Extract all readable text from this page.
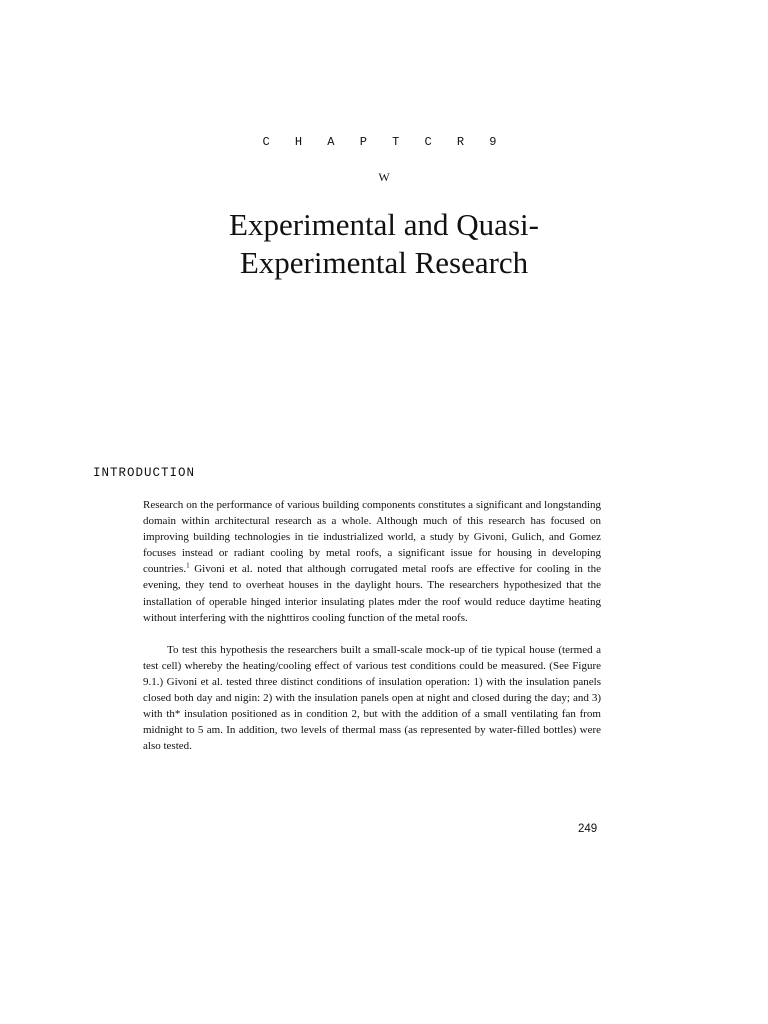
C H A P T C R 9
W
Experimental and Quasi-
Experimental Research
INTRODUCTION

Research on the performance of various building components constitutes a significant and longstanding domain within architectural research as a whole. Although much of this research has focused on improving building technologies in tie industrialized world, a study by Givoni, Gulich, and Gomez focuses instead or radiant cooling by metal roofs, a significant issue for housing in developing countries.$^1$ Givoni et al. noted that although corrugated metal roofs are effective for cooling in the evening, they tend to overheat houses in the daylight hours. The researchers hypothesized that the installation of operable hinged interior insulating plates mder the roof would reduce daytime heating without interfering with the nighttiros cooling function of the metal roofs.

To test this hypothesis the researchers built a small-scale mock-up of tie typical house (termed a test cell) whereby the heating/cooling effect of various test conditions could be measured. (See Figure 9.1.) Givoni et al. tested three distinct conditions of insulation operation: 1) with the insulation panels closed both day and nigin: 2) with the insulation panels open at night and closed during the day; and 3) with th* insulation positioned as in condition 2, but with the addition of a small ventilating fan from midnight to 5 am. In addition, two levels of thermal mass (as represented by water-filled bottles) were also tested.

249
